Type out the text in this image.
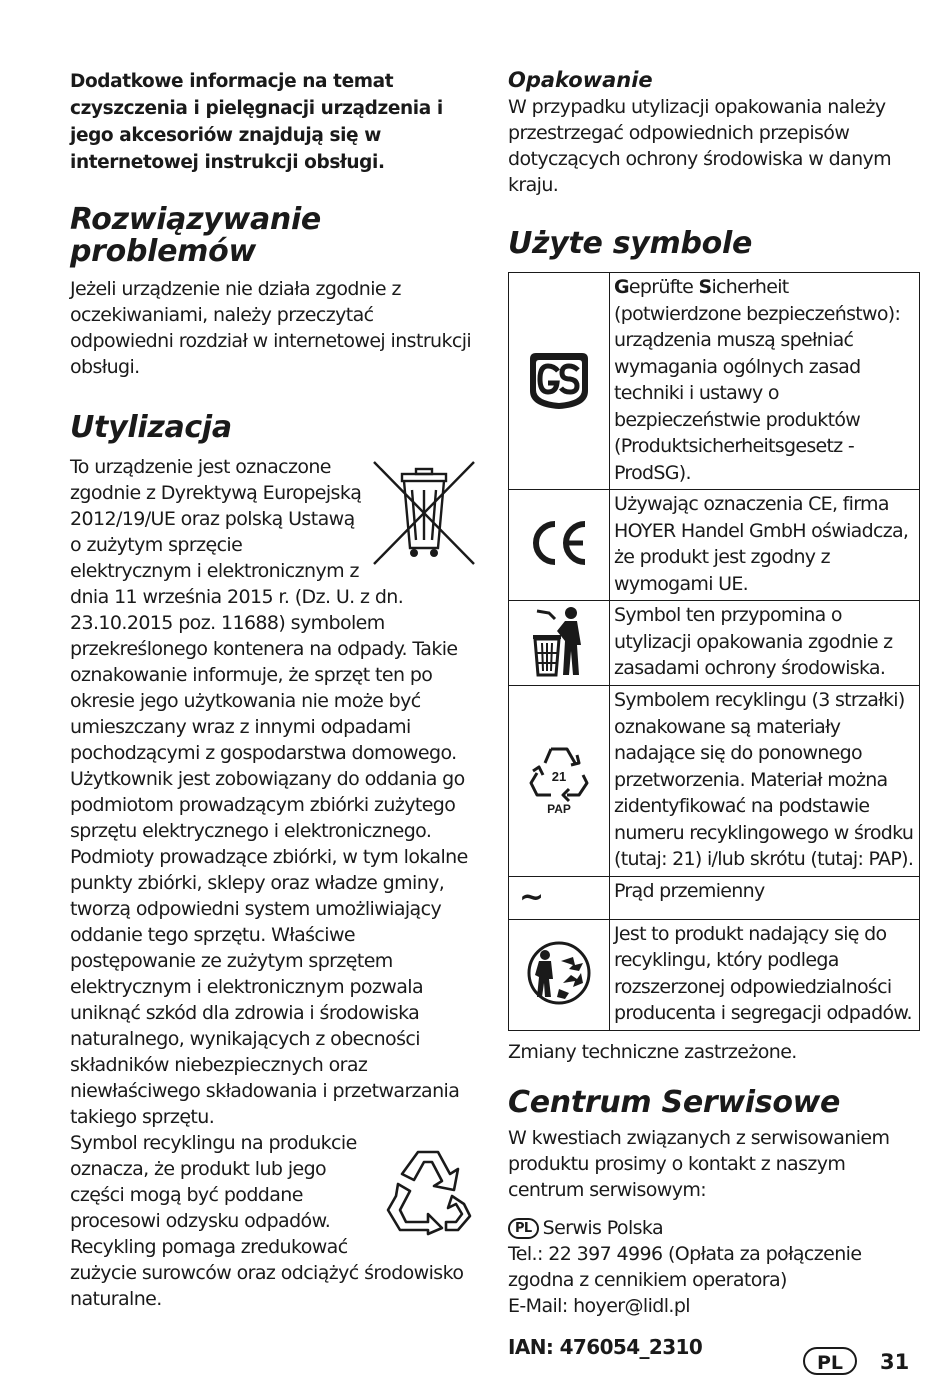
Dodatkowe informacje na temat czyszczenia i pielęgnacji urządzenia i jego akcesoriów znajdują się w internetowej instrukcji obsługi.

Rozwiązywanie problemów

Jeżeli urządzenie nie działa zgodnie z oczekiwaniami, należy przeczytać odpowiedni rozdział w internetowej instrukcji obsługi.

Utylizacja

To urządzenie jest oznaczone zgodnie z Dyrektywą Europejską 2012/19/UE oraz polską Ustawą o zużytym sprzęcie elektrycznym i elektronicznym z dnia 11 września 2015 r. (Dz. U. z dn. 23.10.2015 poz. 11688) symbolem przekreślonego kontenera na odpady. Takie oznakowanie informuje, że sprzęt ten po okresie jego użytkowania nie może być umieszczany wraz z innymi odpadami pochodzącymi z gospodarstwa domowego. Użytkownik jest zobowiązany do oddania go podmiotom prowadzącym zbiórki zużytego sprzętu elektrycznego i elektronicznego. Podmioty prowadzące zbiórki, w tym lokalne punkty zbiórki, sklepy oraz władze gminy, tworzą odpowiedni system umożliwiający oddanie tego sprzętu. Właściwe postępowanie ze zużytym sprzętem elektrycznym i elektronicznym pozwala uniknąć szkód dla zdrowia i środowiska naturalnego, wynikających z obecności składników niebezpiecznych oraz niewłaściwego składowania i przetwarzania takiego sprzętu.

Symbol recyklingu na produkcie oznacza, że produkt lub jego części mogą być poddane procesowi odzysku odpadów. Recykling pomaga zredukować zużycie surowców oraz odciążyć środowisko naturalne.

Opakowanie

W przypadku utylizacji opakowania należy przestrzegać odpowiednich przepisów dotyczących ochrony środowiska w danym kraju.

Użyte symbole
	Geprüfte Sicherheit (potwierdzone bezpieczeństwo): urządzenia muszą spełniać wymagania ogólnych zasad techniki i ustawy o bezpieczeństwie produktów (Produktsicherheitsgesetz - ProdSG).
	Używając oznaczenia CE, firma HOYER Handel GmbH oświadcza, że produkt jest zgodny z wymogami UE.
	Symbol ten przypomina o utylizacji opakowania zgodnie z zasadami ochrony środowiska.

21
PAP	Symbolem recyklingu (3 strzałki) oznakowane są materiały nadające się do ponownego przetworzenia. Materiał można zidentyfikować na podstawie numeru recyklingowego w środku (tutaj: 21) i/lub skrótu (tutaj: PAP).
~	Prąd przemienny
	Jest to produkt nadający się do recyklingu, który podlega rozszerzonej odpowiedzialności producenta i segregacji odpadów.

Zmiany techniczne zastrzeżone.

Centrum Serwisowe

W kwestiach związanych z serwisowaniem produktu prosimy o kontakt z naszym centrum serwisowym:

PL Serwis Polska

Tel.: 22 397 4996 (Opłata za połączenie zgodna z cennikiem operatora)

E-Mail: hoyer@lidl.pl

IAN: 476054_2310

PL	31
